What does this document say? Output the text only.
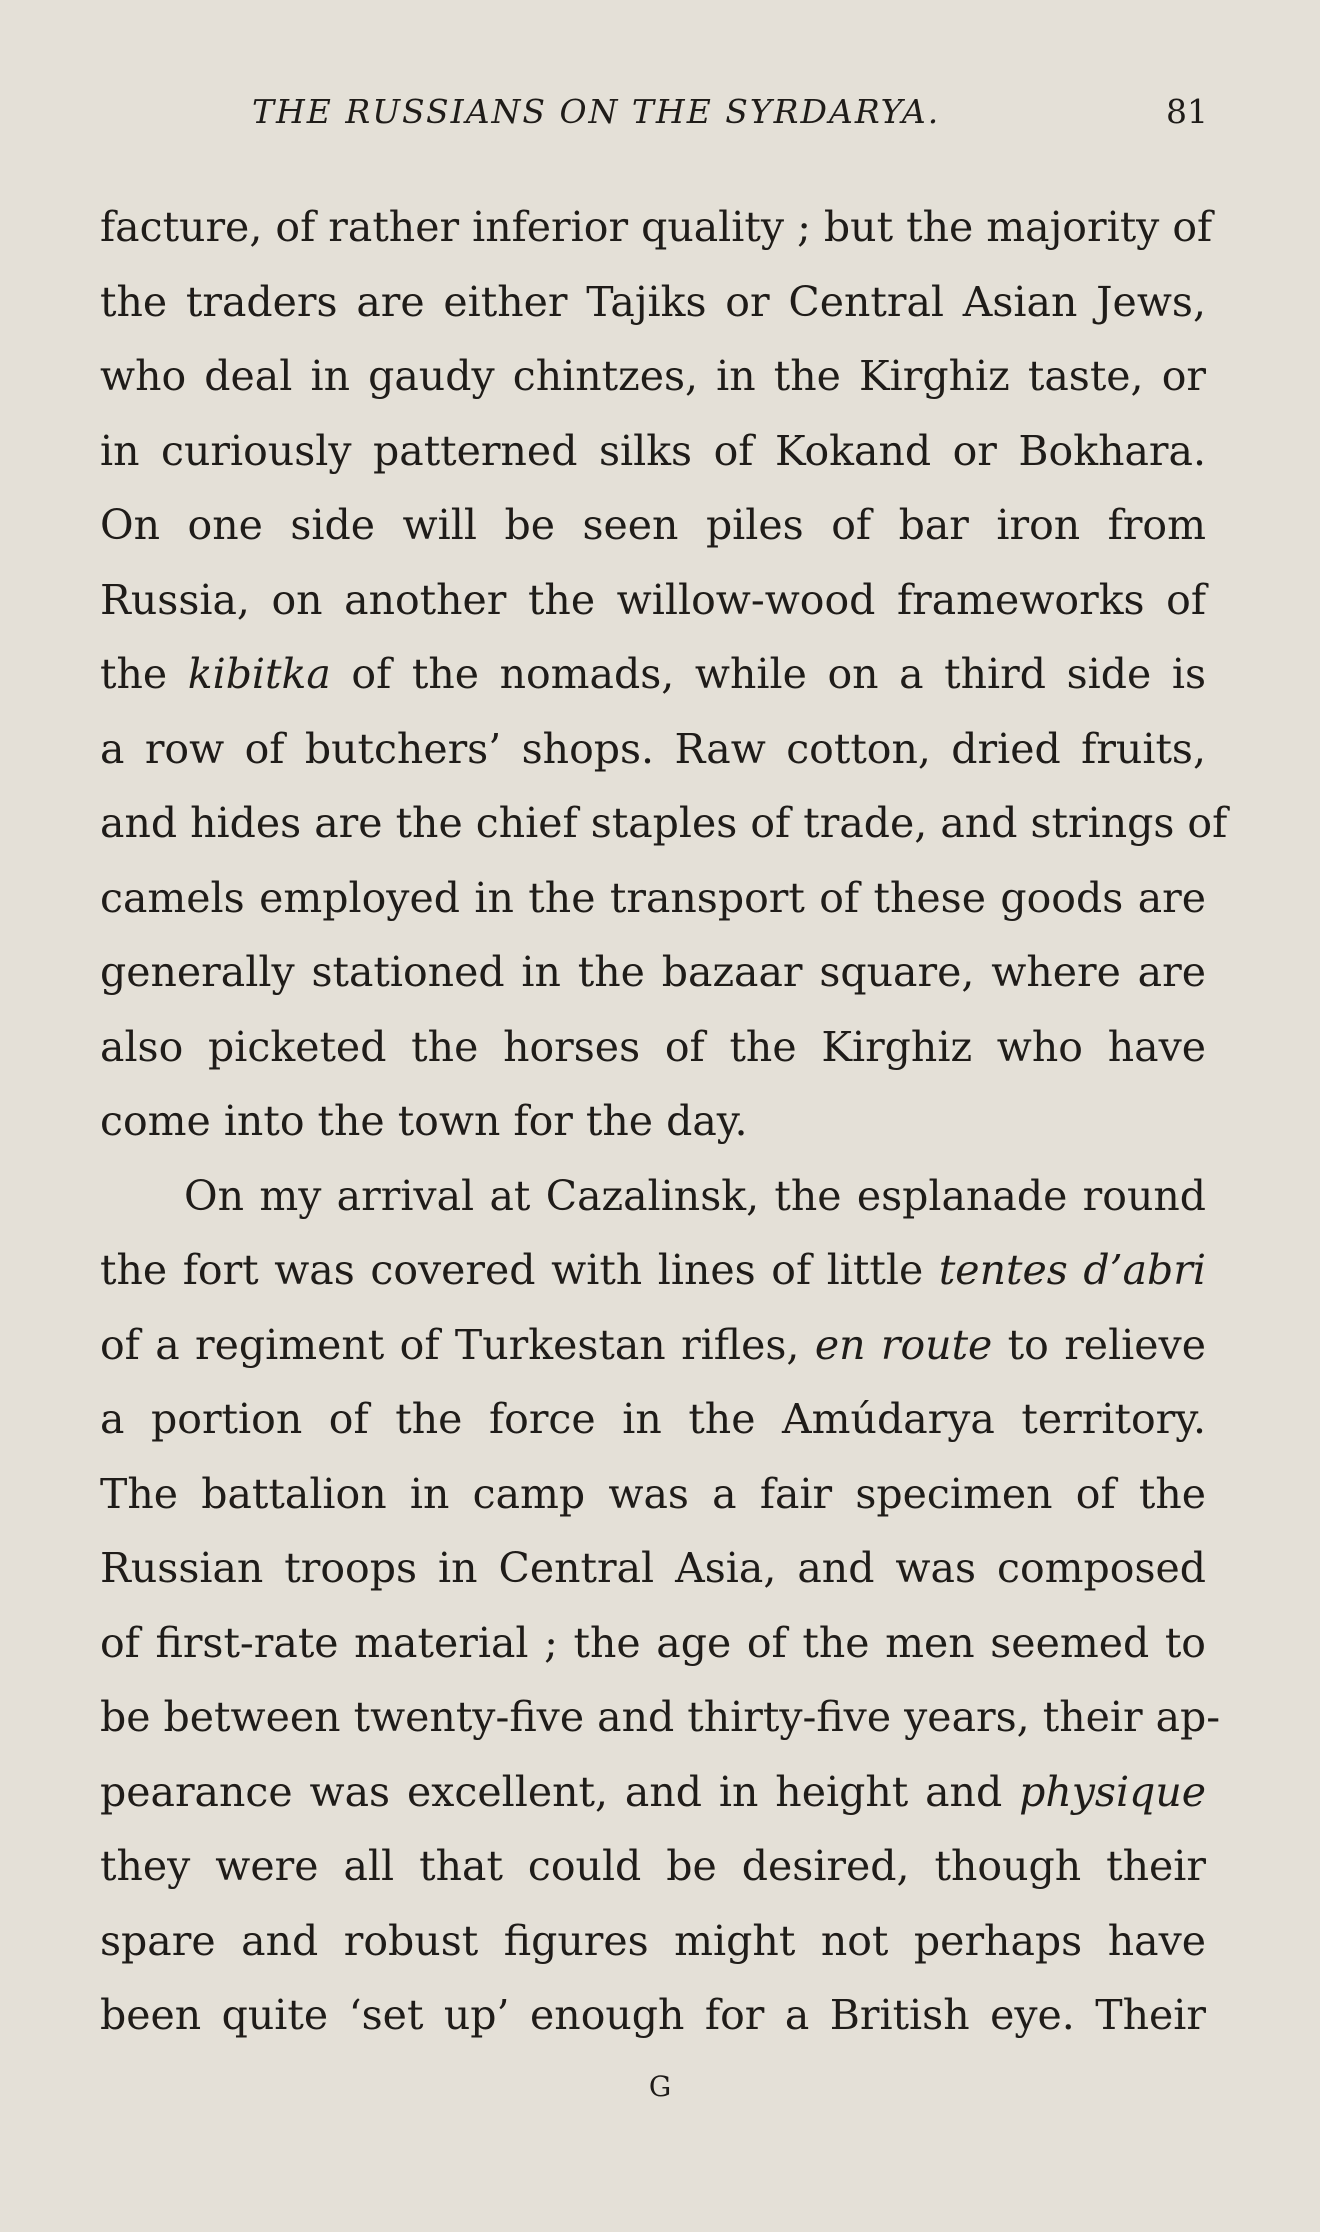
THE RUSSIANS ON THE SYRDARYA.	81
facture, of rather inferior quality ; but the majority of
the traders are either Tajiks or Central Asian Jews,
who deal in gaudy chintzes, in the Kirghiz taste, or
in curiously patterned silks of Kokand or Bokhara.
On one side will be seen piles of bar iron from
Russia, on another the willow-wood frameworks of
the kibitka of the nomads, while on a third side is
a row of butchers’ shops. Raw cotton, dried fruits,
and hides are the chief staples of trade, and strings of
camels employed in the transport of these goods are
generally stationed in the bazaar square, where are
also picketed the horses of the Kirghiz who have
come into the town for the day.
On my arrival at Cazalinsk, the esplanade round
the fort was covered with lines of little tentes d’abri
of a regiment of Turkestan rifles, en route to relieve
a portion of the force in the Amúdarya territory.
The battalion in camp was a fair specimen of the
Russian troops in Central Asia, and was composed
of first-rate material ; the age of the men seemed to
be between twenty-five and thirty-five years, their ap-
pearance was excellent, and in height and physique
they were all that could be desired, though their
spare and robust figures might not perhaps have
been quite ‘set up’ enough for a British eye. Their
G
